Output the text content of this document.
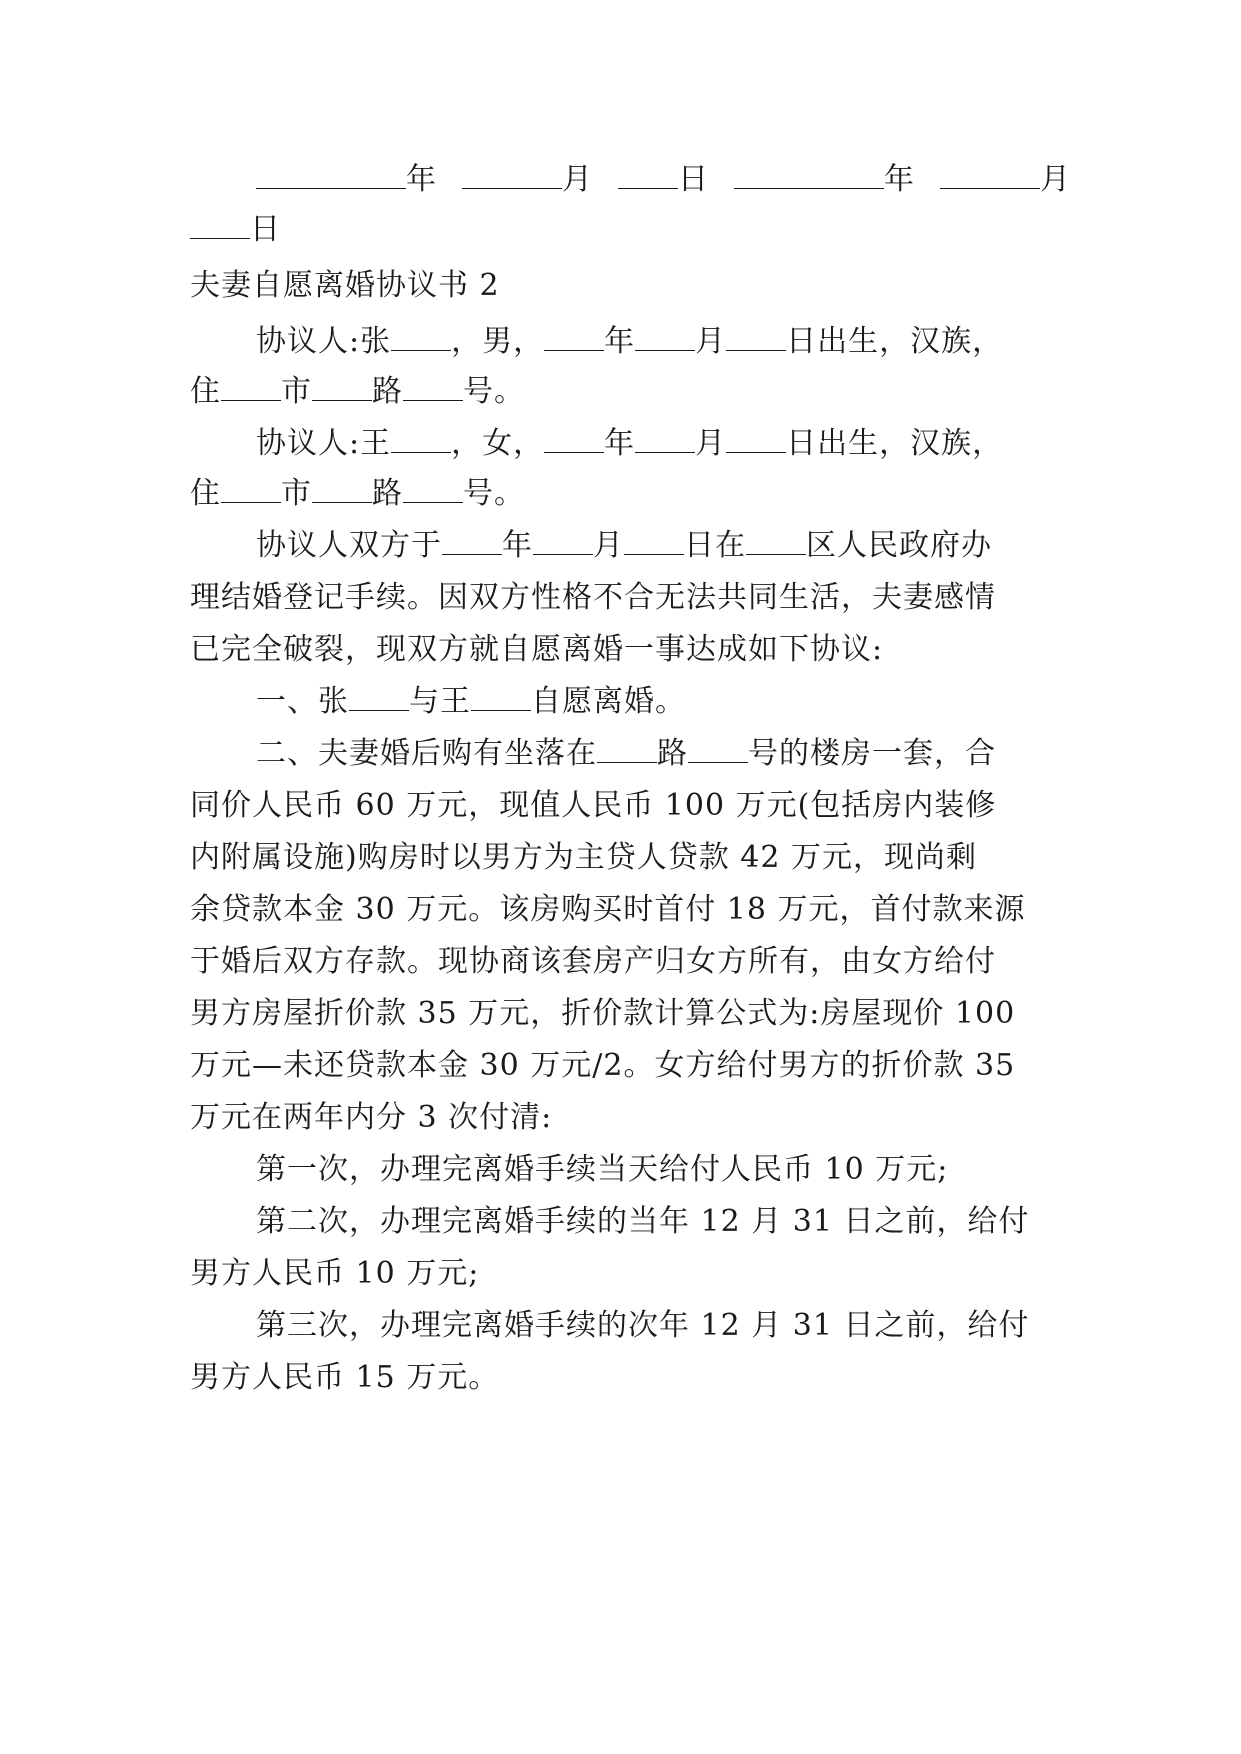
年	月	日	年	月
日
夫妻自愿离婚协议书 2
协议人:张 ，男， 年 月 日出生，汉族，
住 市 路 号。
协议人:王 ，女， 年 月 日出生，汉族，
住 市 路 号。
协议人双方于 年 月 日在 区人民政府办
理结婚登记手续。因双方性格不合无法共同生活，夫妻感情
已完全破裂，现双方就自愿离婚一事达成如下协议:
一、张 与王 自愿离婚。
二、夫妻婚后购有坐落在 路 号的楼房一套，合
同价人民币 60 万元，现值人民币 100 万元(包括房内装修
内附属设施)购房时以男方为主贷人贷款 42 万元，现尚剩
余贷款本金 30 万元。该房购买时首付 18 万元，首付款来源
于婚后双方存款。现协商该套房产归女方所有，由女方给付
男方房屋折价款 35 万元，折价款计算公式为:房屋现价 100
万元—未还贷款本金 30 万元/2。女方给付男方的折价款 35
万元在两年内分 3 次付清:
第一次，办理完离婚手续当天给付人民币 10 万元;
第二次，办理完离婚手续的当年 12 月 31 日之前，给付
男方人民币 10 万元;
第三次，办理完离婚手续的次年 12 月 31 日之前，给付
男方人民币 15 万元。
